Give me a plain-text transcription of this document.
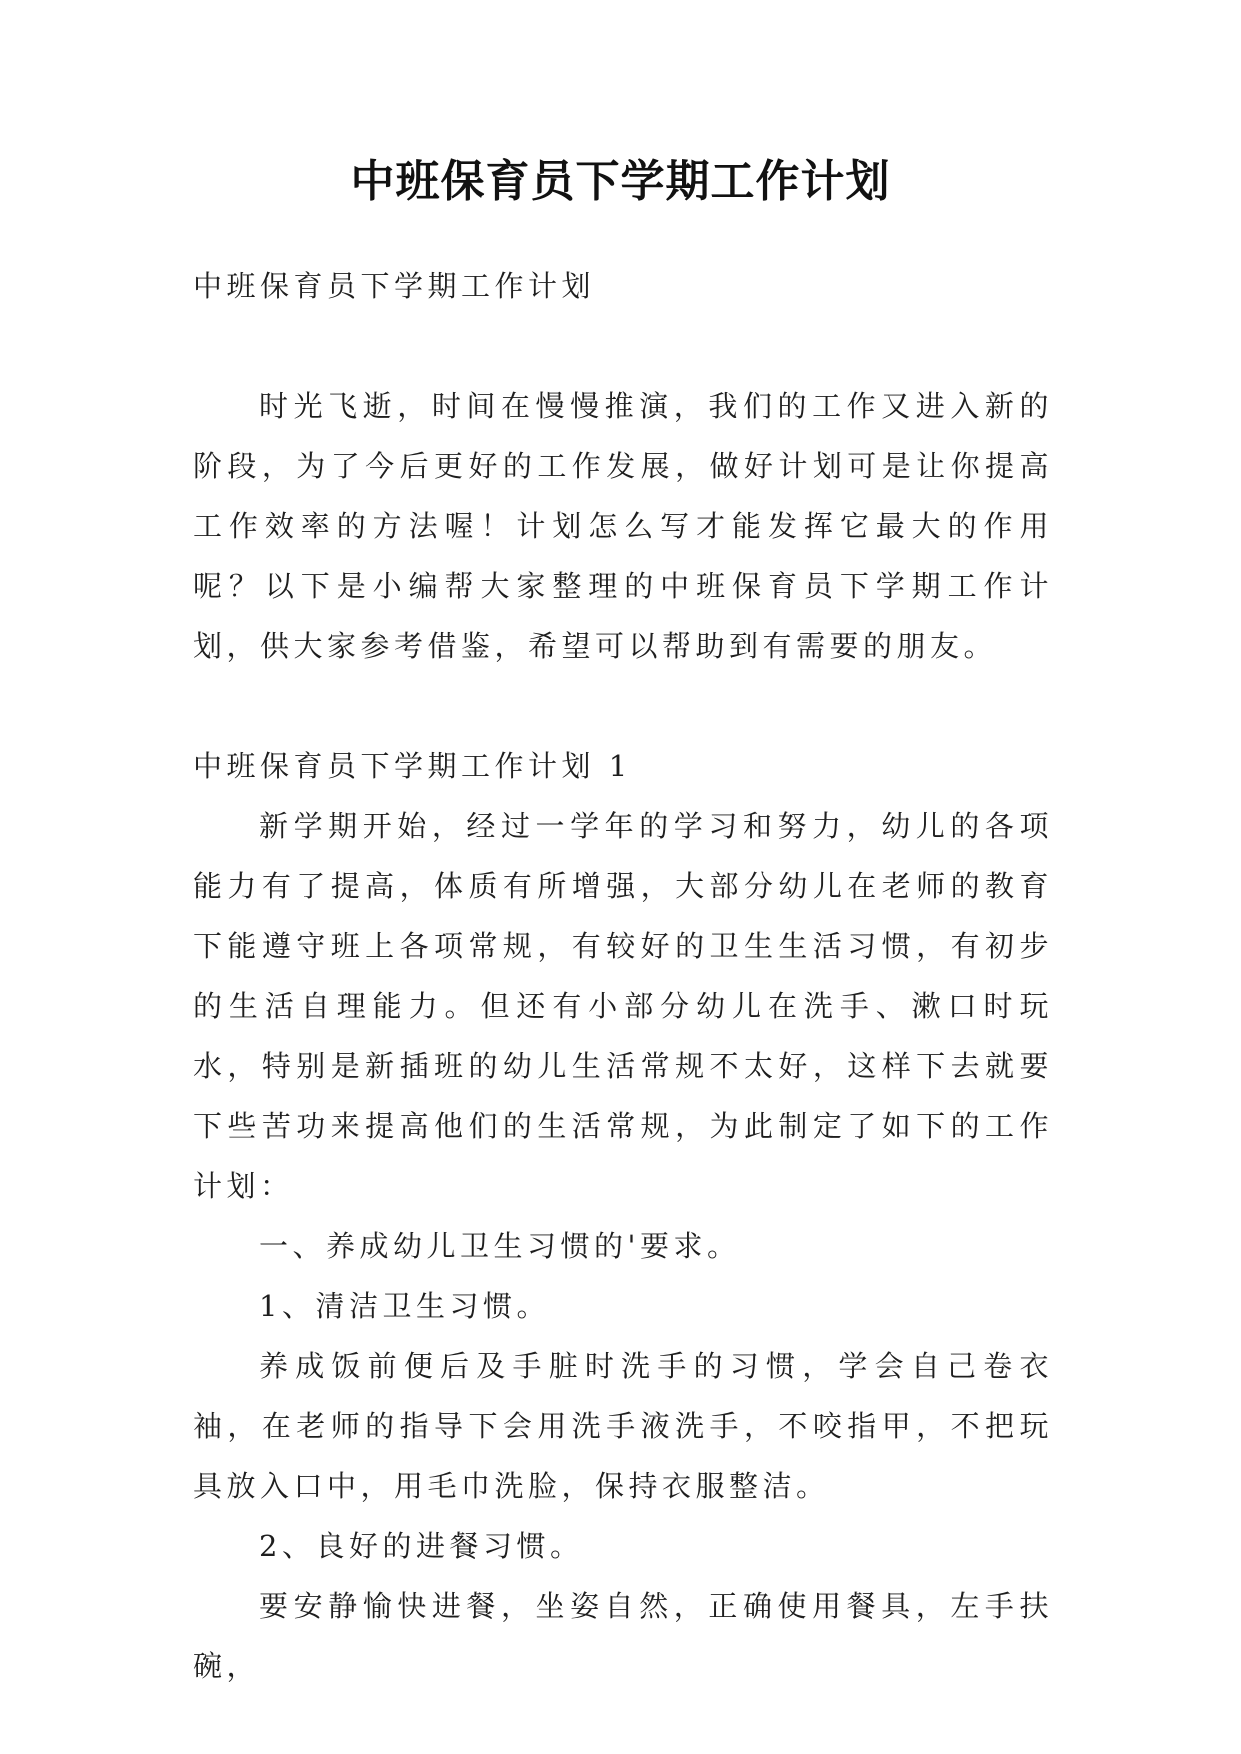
中班保育员下学期工作计划

中班保育员下学期工作计划

时光飞逝，时间在慢慢推演，我们的工作又进入新的阶段，为了今后更好的工作发展，做好计划可是让你提高工作效率的方法喔！计划怎么写才能发挥它最大的作用呢？以下是小编帮大家整理的中班保育员下学期工作计划，供大家参考借鉴，希望可以帮助到有需要的朋友。

中班保育员下学期工作计划 1

新学期开始，经过一学年的学习和努力，幼儿的各项能力有了提高，体质有所增强，大部分幼儿在老师的教育下能遵守班上各项常规，有较好的卫生生活习惯，有初步的生活自理能力。但还有小部分幼儿在洗手、漱口时玩水，特别是新插班的幼儿生活常规不太好，这样下去就要下些苦功来提高他们的生活常规，为此制定了如下的工作计划：

一、养成幼儿卫生习惯的'要求。

1、清洁卫生习惯。

养成饭前便后及手脏时洗手的习惯，学会自己卷衣袖，在老师的指导下会用洗手液洗手，不咬指甲，不把玩具放入口中，用毛巾洗脸，保持衣服整洁。

2、良好的进餐习惯。

要安静愉快进餐，坐姿自然，正确使用餐具，左手扶碗，
